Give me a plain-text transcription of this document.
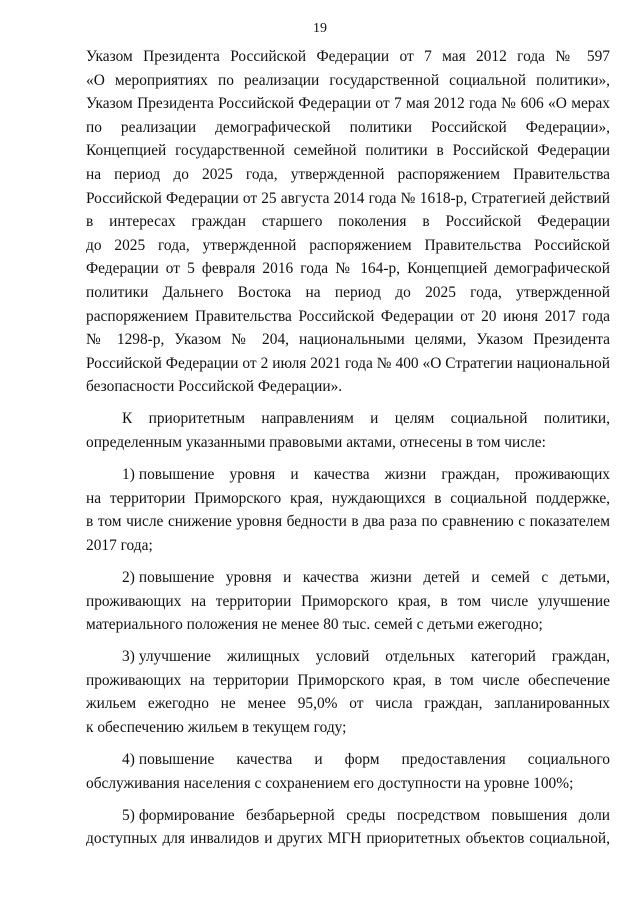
19
Указом Президента Российской Федерации от 7 мая 2012 года № 597
«О мероприятиях по реализации государственной социальной политики»,
Указом Президента Российской Федерации от 7 мая 2012 года № 606 «О мерах
по реализации демографической политики Российской Федерации»,
Концепцией государственной семейной политики в Российской Федерации
на период до 2025 года, утвержденной распоряжением Правительства
Российской Федерации от 25 августа 2014 года № 1618-р, Стратегией действий
в интересах граждан старшего поколения в Российской Федерации
до 2025 года, утвержденной распоряжением Правительства Российской
Федерации от 5 февраля 2016 года № 164-р, Концепцией демографической
политики Дальнего Востока на период до 2025 года, утвержденной
распоряжением Правительства Российской Федерации от 20 июня 2017 года
№ 1298-р, Указом № 204, национальными целями, Указом Президента
Российской Федерации от 2 июля 2021 года № 400 «О Стратегии национальной
безопасности Российской Федерации».
К приоритетным направлениям и целям социальной политики,
определенным указанными правовыми актами, отнесены в том числе:
1) повышение уровня и качества жизни граждан, проживающих
на территории Приморского края, нуждающихся в социальной поддержке,
в том числе снижение уровня бедности в два раза по сравнению с показателем
2017 года;
2) повышение уровня и качества жизни детей и семей с детьми,
проживающих на территории Приморского края, в том числе улучшение
материального положения не менее 80 тыс. семей с детьми ежегодно;
3) улучшение жилищных условий отдельных категорий граждан,
проживающих на территории Приморского края, в том числе обеспечение
жильем ежегодно не менее 95,0% от числа граждан, запланированных
к обеспечению жильем в текущем году;
4) повышение качества и форм предоставления социального
обслуживания населения с сохранением его доступности на уровне 100%;
5) формирование безбарьерной среды посредством повышения доли
доступных для инвалидов и других МГН приоритетных объектов социальной,
